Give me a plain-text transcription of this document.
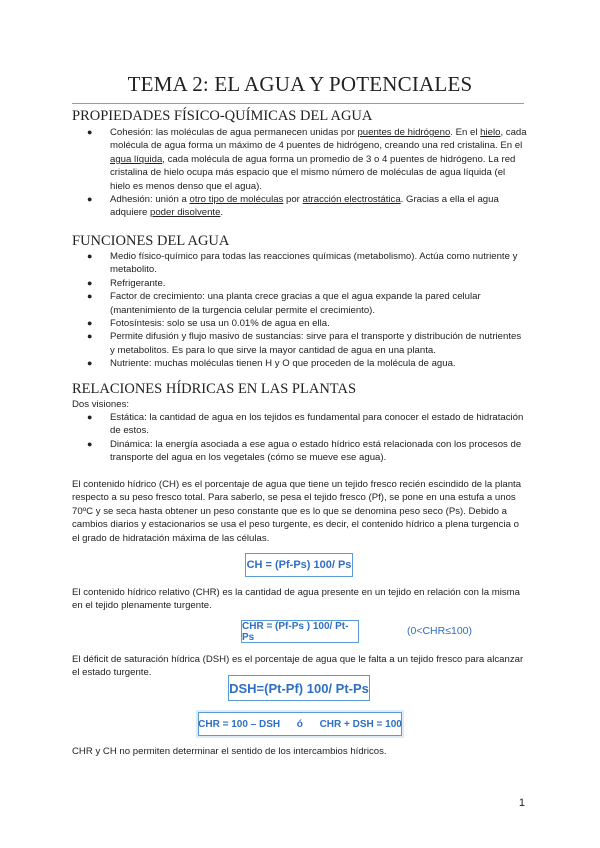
TEMA 2: EL AGUA Y POTENCIALES
PROPIEDADES FÍSICO-QUÍMICAS DEL AGUA
● Cohesión: las moléculas de agua permanecen unidas por puentes de hidrógeno. En el hielo, cada molécula de agua forma un máximo de 4 puentes de hidrógeno, creando una red cristalina. En el agua líquida, cada molécula de agua forma un promedio de 3 o 4 puentes de hidrógeno. La red cristalina de hielo ocupa más espacio que el mismo número de moléculas de agua líquida (el hielo es menos denso que el agua).
● Adhesión: unión a otro tipo de moléculas por atracción electrostática. Gracias a ella el agua adquiere poder disolvente.
FUNCIONES DEL AGUA
● Medio físico-químico para todas las reacciones químicas (metabolismo). Actúa como nutriente y metabolito.
● Refrigerante.
● Factor de crecimiento: una planta crece gracias a que el agua expande la pared celular (mantenimiento de la turgencia celular permite el crecimiento).
● Fotosíntesis: solo se usa un 0.01% de agua en ella.
● Permite difusión y flujo masivo de sustancias: sirve para el transporte y distribución de nutrientes y metabolitos. Es para lo que sirve la mayor cantidad de agua en una planta.
● Nutriente: muchas moléculas tienen H y O que proceden de la molécula de agua.
RELACIONES HÍDRICAS EN LAS PLANTAS

Dos visiones:

● Estática: la cantidad de agua en los tejidos es fundamental para conocer el estado de hidratación de estos.
● Dinámica: la energía asociada a ese agua o estado hídrico está relacionada con los procesos de transporte del agua en los vegetales (cómo se mueve ese agua).

El contenido hídrico (CH) es el porcentaje de agua que tiene un tejido fresco recién escindido de la planta respecto a su peso fresco total. Para saberlo, se pesa el tejido fresco (Pf), se pone en una estufa a unos 70ºC y se seca hasta obtener un peso constante que es lo que se denomina peso seco (Ps). Debido a cambios diarios y estacionarios se usa el peso turgente, es decir, el contenido hídrico a plena turgencia o el grado de hidratación máxima de las células.

CH = (Pf-Ps) 100/ Ps

El contenido hídrico relativo (CHR) es la cantidad de agua presente en un tejido en relación con la misma en el tejido plenamente turgente.

CHR = (Pf-Ps ) 100/ Pt-Ps	(0<CHR≤100)

El déficit de saturación hídrica (DSH) es el porcentaje de agua que le falta a un tejido fresco para alcanzar el estado turgente.

DSH=(Pt-Pf) 100/ Pt-Ps
CHR = 100 – DSH      ó      CHR + DSH = 100

CHR y CH no permiten determinar el sentido de los intercambios hídricos.

1
